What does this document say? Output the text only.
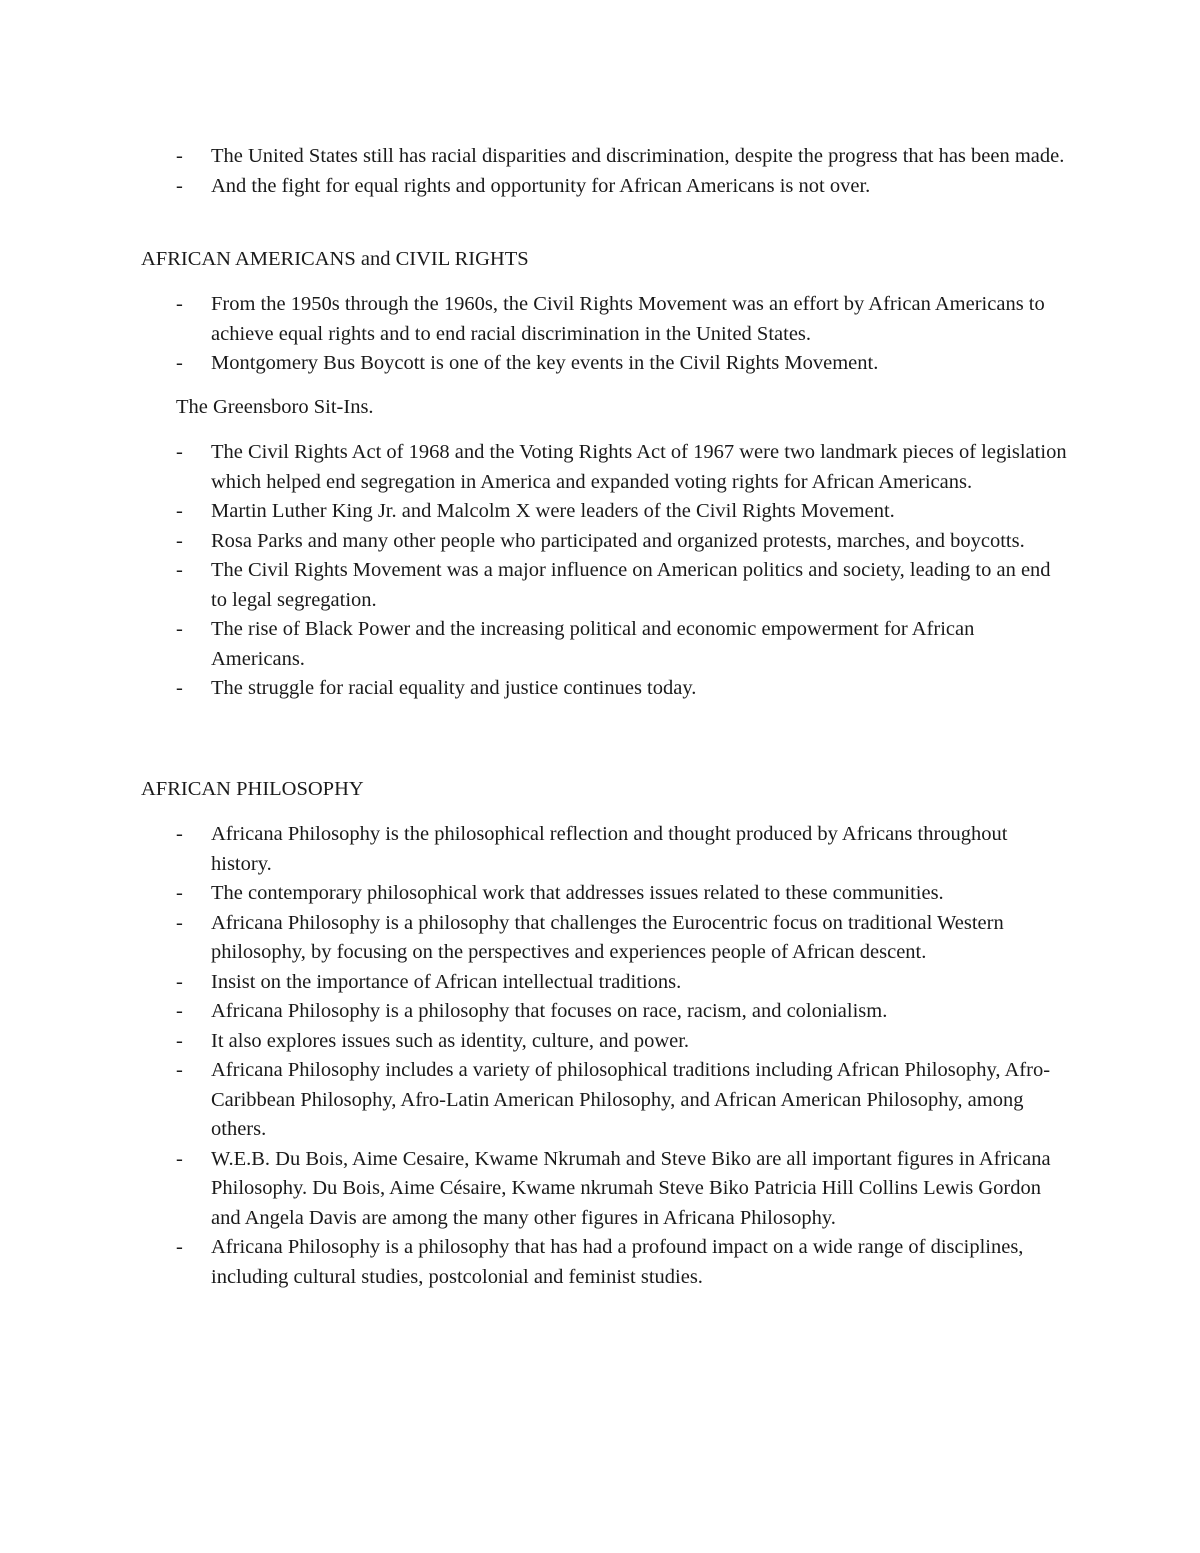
- The United States still has racial disparities and discrimination, despite the progress that has been made.
- And the fight for equal rights and opportunity for African Americans is not over.

AFRICAN AMERICANS and CIVIL RIGHTS

- From the 1950s through the 1960s, the Civil Rights Movement was an effort by African Americans to achieve equal rights and to end racial discrimination in the United States.
- Montgomery Bus Boycott is one of the key events in the Civil Rights Movement.

The Greensboro Sit-Ins.

- The Civil Rights Act of 1968 and the Voting Rights Act of 1967 were two landmark pieces of legislation which helped end segregation in America and expanded voting rights for African Americans.
- Martin Luther King Jr. and Malcolm X were leaders of the Civil Rights Movement.
- Rosa Parks and many other people who participated and organized protests, marches, and boycotts.
- The Civil Rights Movement was a major influence on American politics and society, leading to an end to legal segregation.
- The rise of Black Power and the increasing political and economic empowerment for African Americans.
- The struggle for racial equality and justice continues today.

AFRICAN PHILOSOPHY

- Africana Philosophy is the philosophical reflection and thought produced by Africans throughout history.
- The contemporary philosophical work that addresses issues related to these communities.
- Africana Philosophy is a philosophy that challenges the Eurocentric focus on traditional Western philosophy, by focusing on the perspectives and experiences people of African descent.
- Insist on the importance of African intellectual traditions.
- Africana Philosophy is a philosophy that focuses on race, racism, and colonialism.
- It also explores issues such as identity, culture, and power.
- Africana Philosophy includes a variety of philosophical traditions including African Philosophy, Afro-Caribbean Philosophy, Afro-Latin American Philosophy, and African American Philosophy, among others.
- W.E.B. Du Bois, Aime Cesaire, Kwame Nkrumah and Steve Biko are all important figures in Africana Philosophy. Du Bois, Aime Césaire, Kwame nkrumah Steve Biko Patricia Hill Collins Lewis Gordon and Angela Davis are among the many other figures in Africana Philosophy.
- Africana Philosophy is a philosophy that has had a profound impact on a wide range of disciplines, including cultural studies, postcolonial and feminist studies.
